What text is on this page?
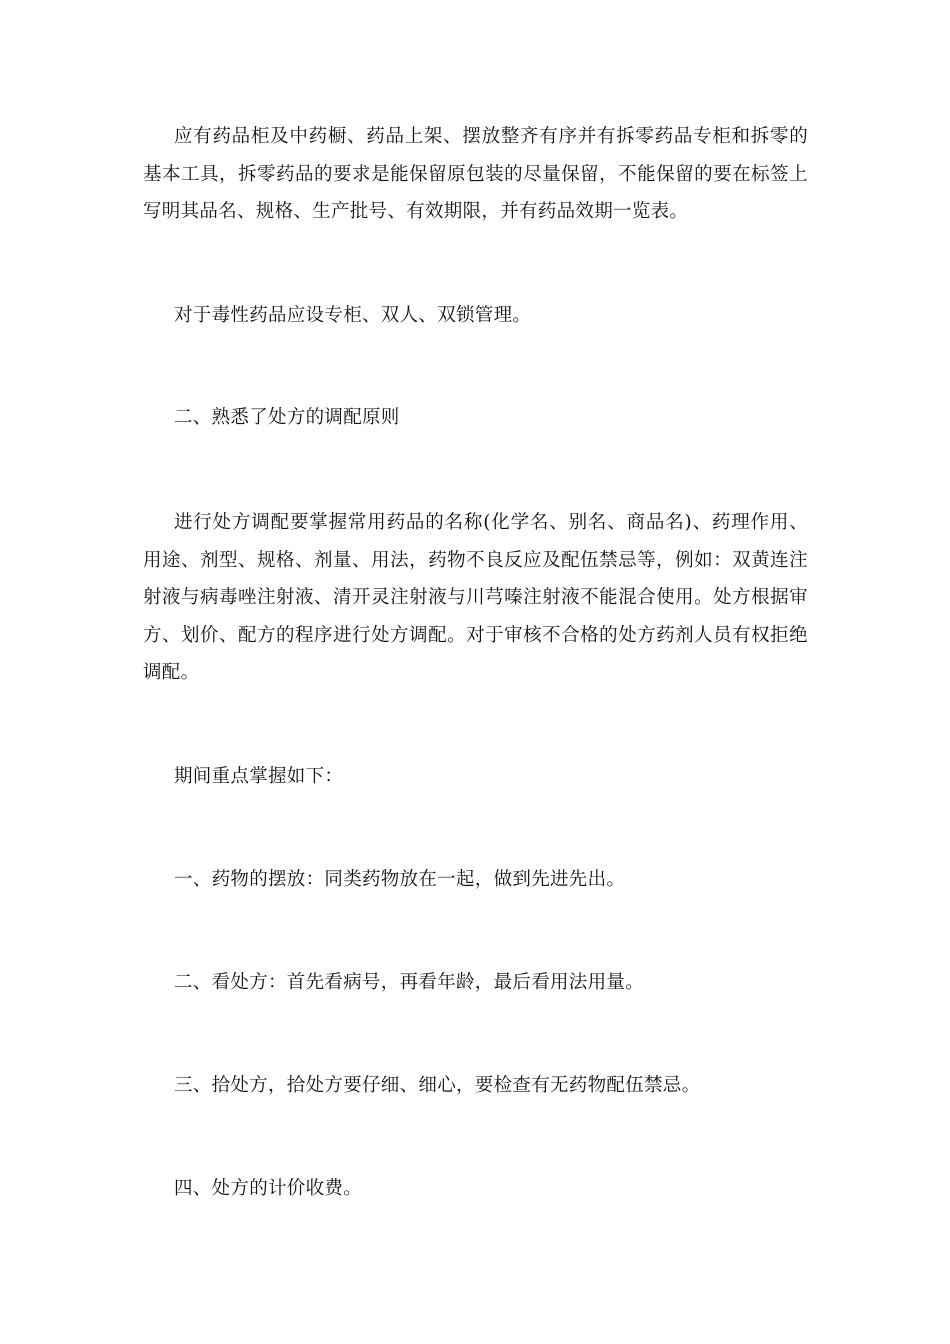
应有药品柜及中药橱、药品上架、摆放整齐有序并有拆零药品专柜和拆零的基本工具，拆零药品的要求是能保留原包装的尽量保留，不能保留的要在标签上写明其品名、规格、生产批号、有效期限，并有药品效期一览表。

对于毒性药品应设专柜、双人、双锁管理。

二、熟悉了处方的调配原则

进行处方调配要掌握常用药品的名称(化学名、别名、商品名)、药理作用、用途、剂型、规格、剂量、用法，药物不良反应及配伍禁忌等，例如：双黄连注射液与病毒唑注射液、清开灵注射液与川芎嗪注射液不能混合使用。处方根据审方、划价、配方的程序进行处方调配。对于审核不合格的处方药剂人员有权拒绝调配。

期间重点掌握如下：

一、药物的摆放：同类药物放在一起，做到先进先出。

二、看处方：首先看病号，再看年龄，最后看用法用量。

三、拾处方，拾处方要仔细、细心，要检查有无药物配伍禁忌。

四、处方的计价收费。
